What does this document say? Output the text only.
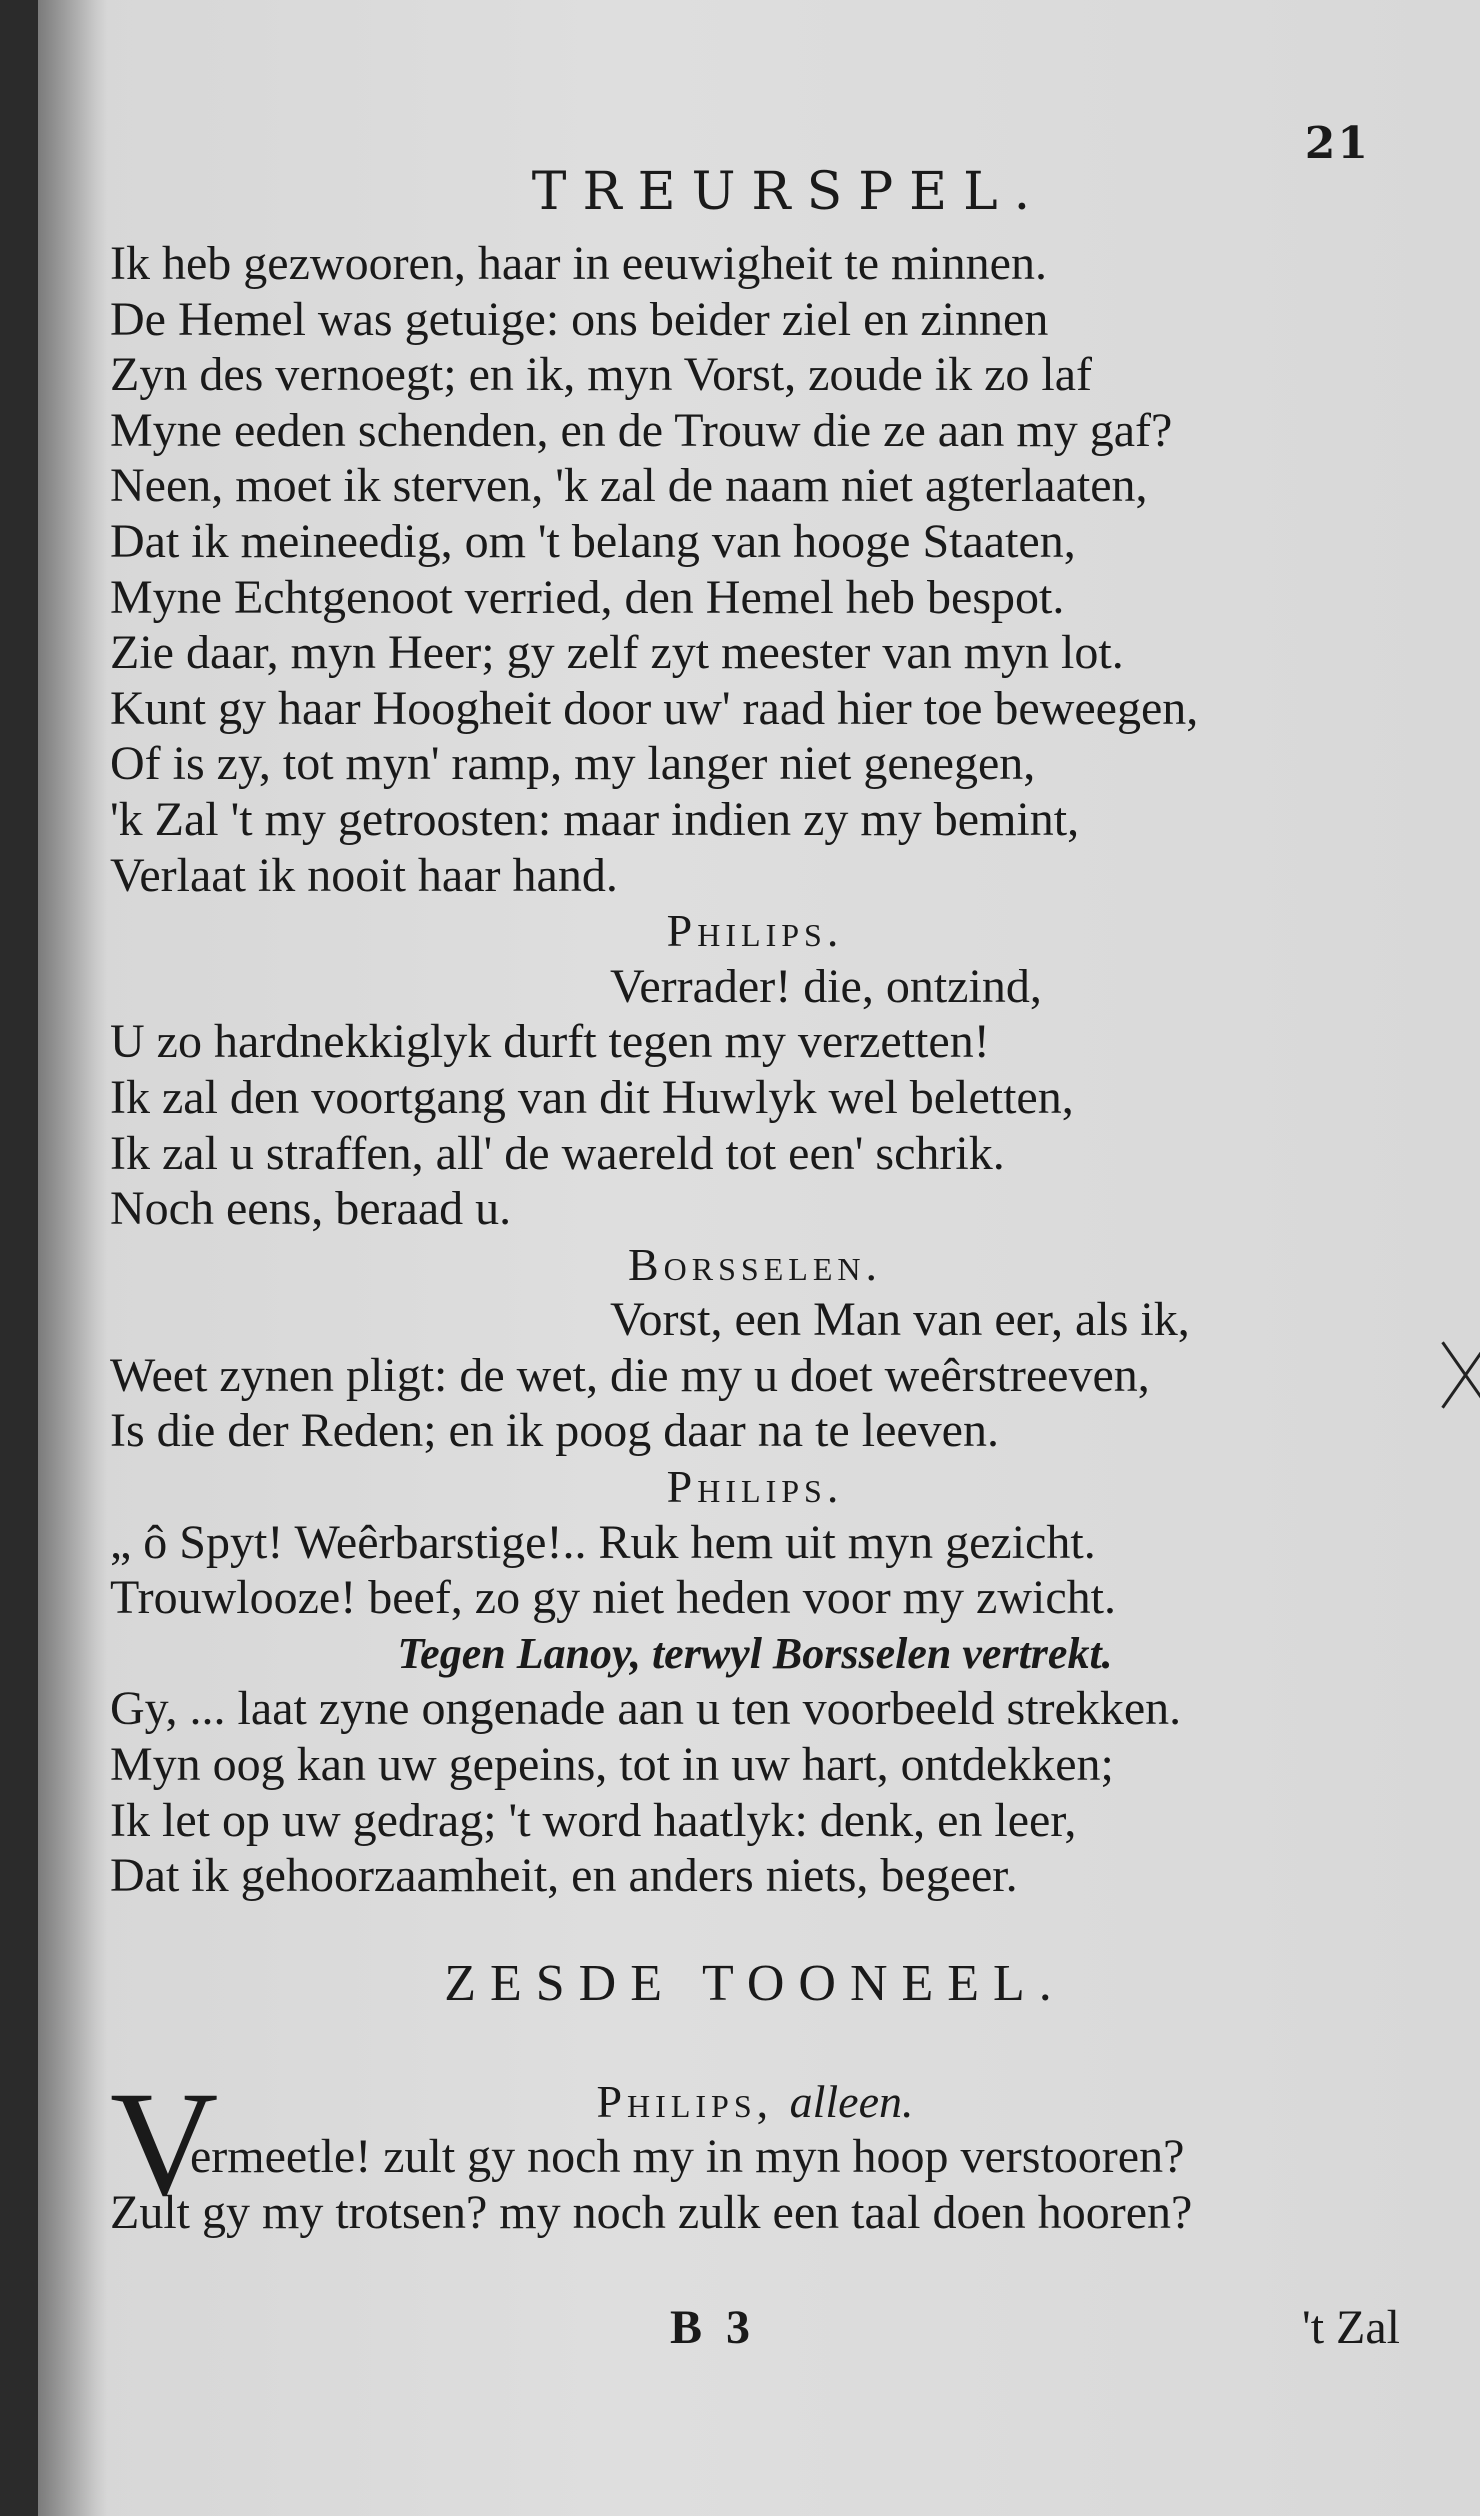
21
TREURSPEL.
Ik heb gezwooren, haar in eeuwigheit te minnen.
De Hemel was getuige: ons beider ziel en zinnen
Zyn des vernoegt; en ik, myn Vorst, zoude ik zo laf
Myne eeden schenden, en de Trouw die ze aan my gaf?
Neen, moet ik sterven, 'k zal de naam niet agterlaaten,
Dat ik meineedig, om 't belang van hooge Staaten,
Myne Echtgenoot verried, den Hemel heb bespot.
Zie daar, myn Heer; gy zelf zyt meester van myn lot.
Kunt gy haar Hoogheit door uw' raad hier toe beweegen,
Of is zy, tot myn' ramp, my langer niet genegen,
'k Zal 't my getroosten: maar indien zy my bemint,
Verlaat ik nooit haar hand.
Philips.
Verrader! die, ontzind,
U zo hardnekkiglyk durft tegen my verzetten!
Ik zal den voortgang van dit Huwlyk wel beletten,
Ik zal u straffen, all' de waereld tot een' schrik.
Noch eens, beraad u.
Borsselen.
Vorst, een Man van eer, als ik,
Weet zynen pligt: de wet, die my u doet weêrstreeven,
Is die der Reden; en ik poog daar na te leeven.
Philips.
„ ô Spyt! Weêrbarstige!.. Ruk hem uit myn gezicht.
Trouwlooze! beef, zo gy niet heden voor my zwicht.
Tegen Lanoy, terwyl Borsselen vertrekt.
Gy, ... laat zyne ongenade aan u ten voorbeeld strekken.
Myn oog kan uw gepeins, tot in uw hart, ontdekken;
Ik let op uw gedrag; 't word haatlyk: denk, en leer,
Dat ik gehoorzaamheit, en anders niets, begeer.
ZESDE TOONEEL.
V	Philips, alleen.
ermeetle! zult gy noch my in myn hoop verstooren?
Zult gy my trotsen? my noch zulk een taal doen hooren?
B 3	't Zal
